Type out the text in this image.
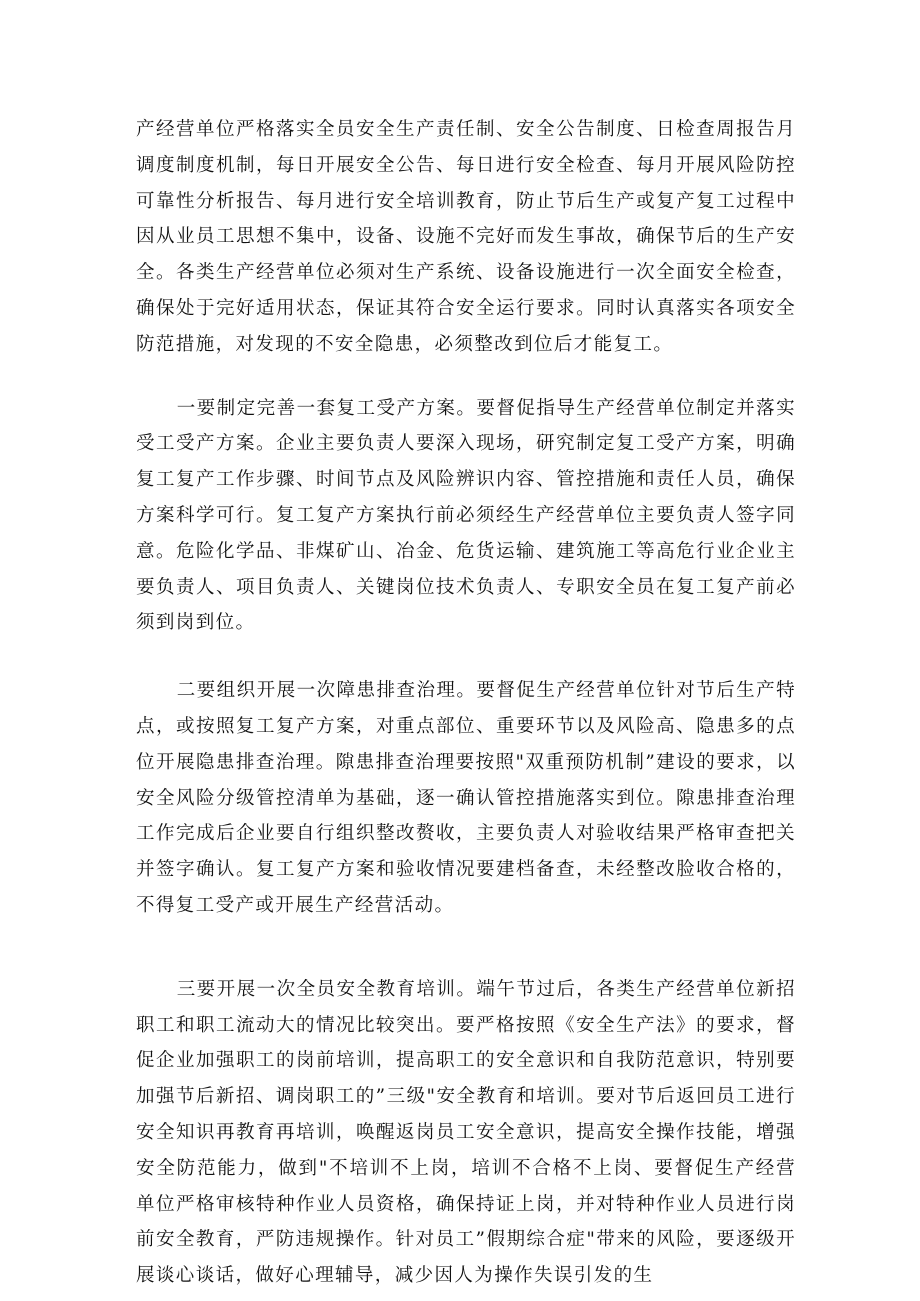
产经营单位严格落实全员安全生产责任制、安全公告制度、日检查周报告月调度制度机制，每日开展安全公告、每日进行安全检查、每月开展风险防控可靠性分析报告、每月进行安全培训教育，防止节后生产或复产复工过程中因从业员工思想不集中，设备、设施不完好而发生事故，确保节后的生产安全。各类生产经营单位必须对生产系统、设备设施进行一次全面安全检查，确保处于完好适用状态，保证其符合安全运行要求。同时认真落实各项安全防范措施，对发现的不安全隐患，必须整改到位后才能复工。

一要制定完善一套复工受产方案。要督促指导生产经营单位制定并落实受工受产方案。企业主要负责人要深入现场，研究制定复工受产方案，明确复工复产工作步骤、时间节点及风险辨识内容、管控措施和责任人员，确保方案科学可行。复工复产方案执行前必须经生产经营单位主要负责人签字同意。危险化学品、非煤矿山、冶金、危货运输、建筑施工等高危行业企业主要负责人、项目负责人、关键岗位技术负责人、专职安全员在复工复产前必须到岗到位。

二要组织开展一次障患排查治理。要督促生产经营单位针对节后生产特点，或按照复工复产方案，对重点部位、重要环节以及风险高、隐患多的点位开展隐患排查治理。隙患排查治理要按照"双重预防机制”建设的要求，以安全风险分级管控清单为基础，逐一确认管控措施落实到位。隙患排查治理工作完成后企业要自行组织整改赘收，主要负责人对验收结果严格审查把关并签字确认。复工复产方案和验收情况要建档备查，未经整改脸收合格的，不得复工受产或开展生产经营活动。

三要开展一次全员安全教育培训。端午节过后，各类生产经营单位新招职工和职工流动大的情况比较突出。要严格按照《安全生产法》的要求，督促企业加强职工的岗前培训，提高职工的安全意识和自我防范意识，特别要加强节后新招、调岗职工的”三级"安全教育和培训。要对节后返回员工进行安全知识再教育再培训，唤醒返岗员工安全意识，提高安全操作技能，增强安全防范能力，做到"不培训不上岗，培训不合格不上岗、要督促生产经营单位严格审核特种作业人员资格，确保持证上岗，并对特种作业人员进行岗前安全教育，严防违规操作。针对员工”假期综合症"带来的风险，要逐级开展谈心谈话，做好心理辅导，减少因人为操作失误引发的生
